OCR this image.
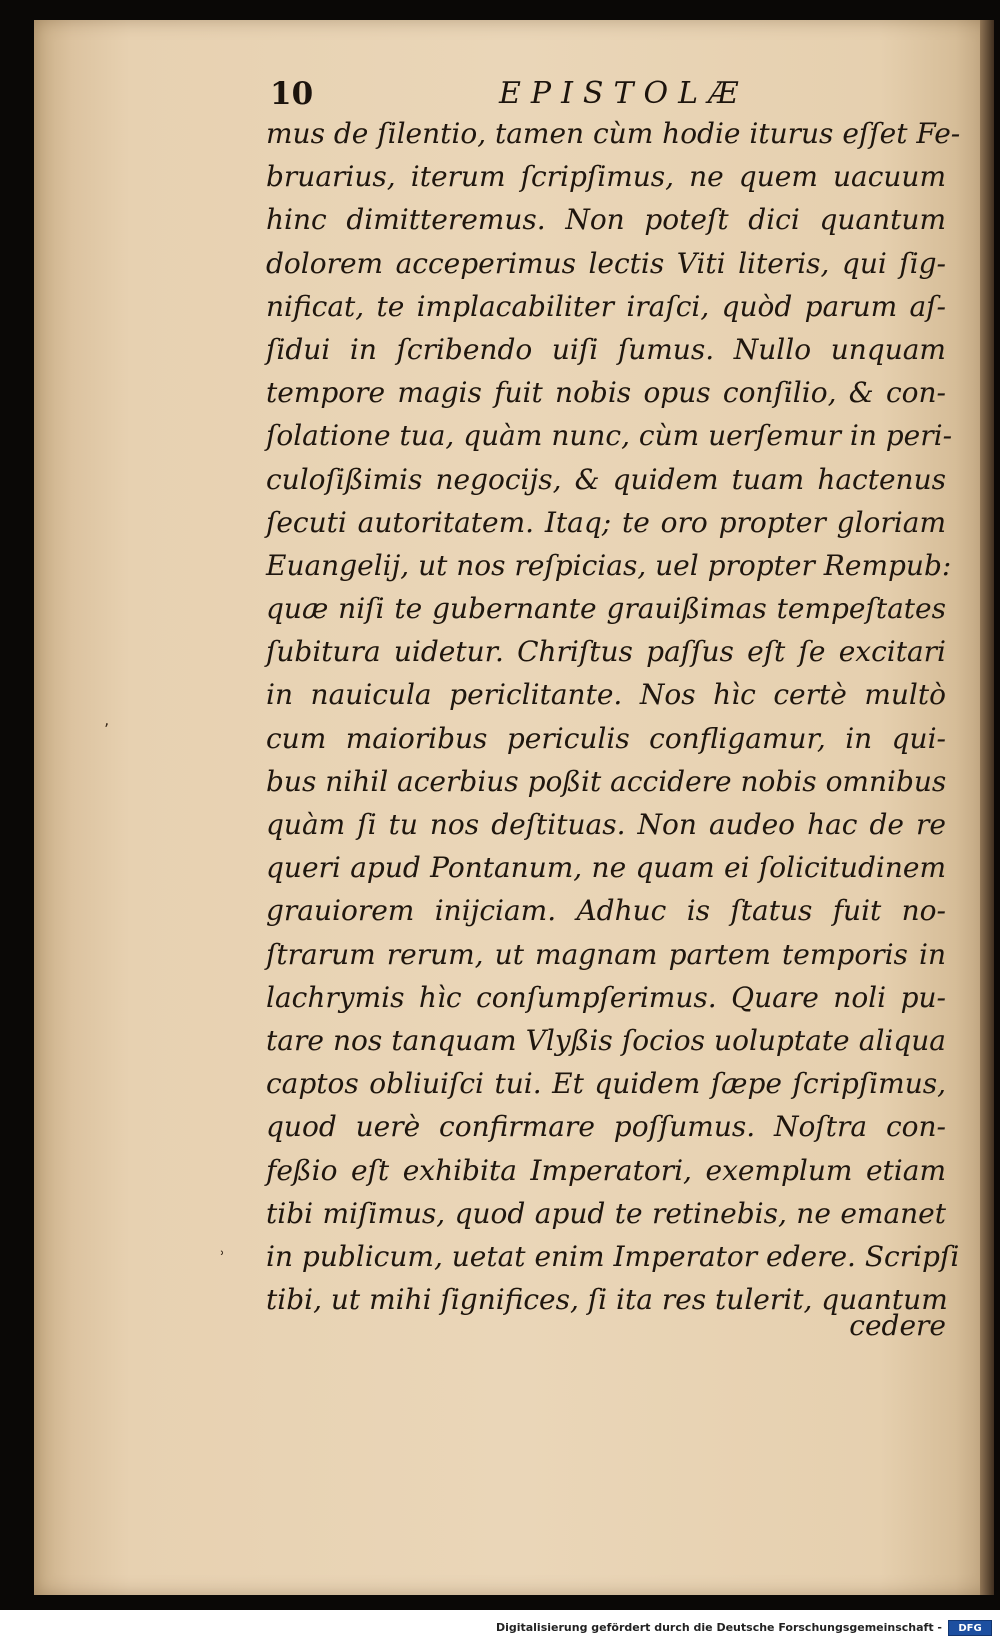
ʾ
ʼ
10	EPISTOLÆ
mus de ſilentio, tamen cùm hodie iturus eſſet Fe-
bruarius, iterum ſcripſimus, ne quem uacuum
hinc dimitteremus. Non poteſt dici quantum
dolorem acceperimus lectis Viti literis, qui ſig-
nificat, te implacabiliter iraſci, quòd parum aſ-
ſidui in ſcribendo uiſi ſumus. Nullo unquam
tempore magis fuit nobis opus conſilio, & con-
ſolatione tua, quàm nunc, cùm uerſemur in peri-
culoſißimis negocijs, & quidem tuam hactenus
ſecuti autoritatem. Itaq; te oro propter gloriam
Euangelij, ut nos reſpicias, uel propter Rempub:
quæ niſi te gubernante grauißimas tempeſtates
ſubitura uidetur. Chriſtus paſſus eſt ſe excitari
in nauicula periclitante. Nos hìc certè multò
cum maioribus periculis confligamur, in qui-
bus nihil acerbius poßit accidere nobis omnibus
quàm ſi tu nos deſtituas. Non audeo hac de re
queri apud Pontanum, ne quam ei ſolicitudinem
grauiorem inijciam. Adhuc is ſtatus fuit no-
ſtrarum rerum, ut magnam partem temporis in
lachrymis hìc conſumpſerimus. Quare noli pu-
tare nos tanquam Vlyßis ſocios uoluptate aliqua
captos obliuiſci tui. Et quidem ſæpe ſcripſimus,
quod uerè confirmare poſſumus. Noſtra con-
feßio eſt exhibita Imperatori, exemplum etiam
tibi miſimus, quod apud te retinebis, ne emanet
in publicum, uetat enim Imperator edere. Scripſi
tibi, ut mihi ſignifices, ſi ita res tulerit, quantum
cedere
Digitalisierung gefördert durch die Deutsche Forschungsgemeinschaft -	DFG
